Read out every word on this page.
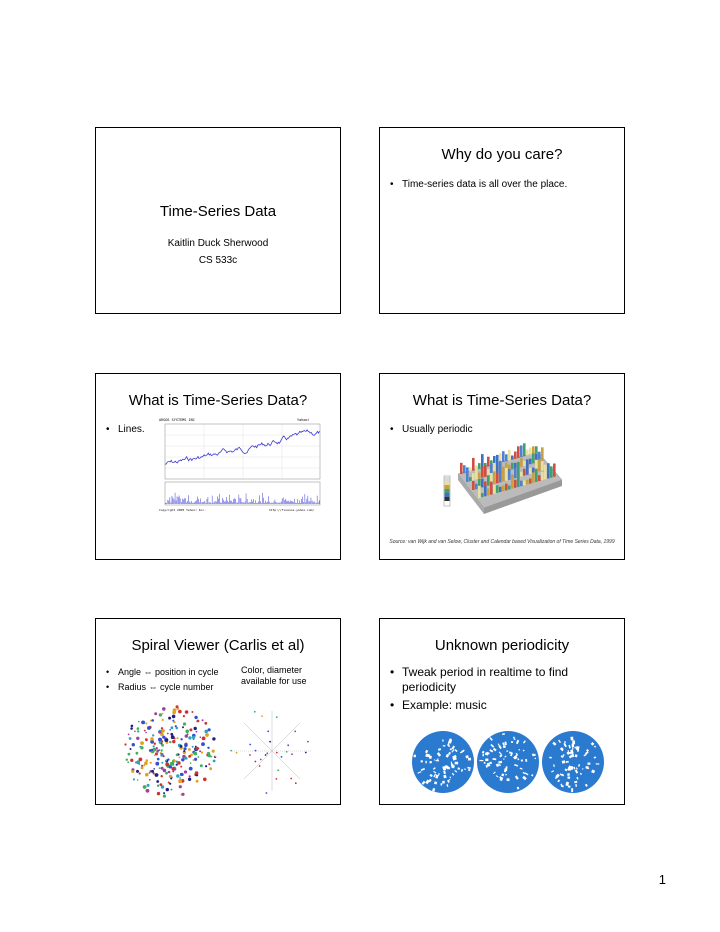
Time-Series Data
Kaitlin Duck Sherwood
CS 533c
Why do you care?
• Time-series data is all over the place.
What is Time-Series Data?
• Lines.
ARGOS SYSTEMS INC	Yahoo!
Copyright 2005 Yahoo! Inc.	http://finance.yahoo.com/
What is Time-Series Data?
• Usually periodic
Source: van Wijk and van Selow, Cluster and Calendar based Visualization of Time Series Data, 1999
Spiral Viewer (Carlis et al)
• Angle ⇔ position in cycle
• Radius ⇔ cycle number
Color, diameter available for use
Unknown periodicity
• Tweak period in realtime to find periodicity
• Example: music
1
